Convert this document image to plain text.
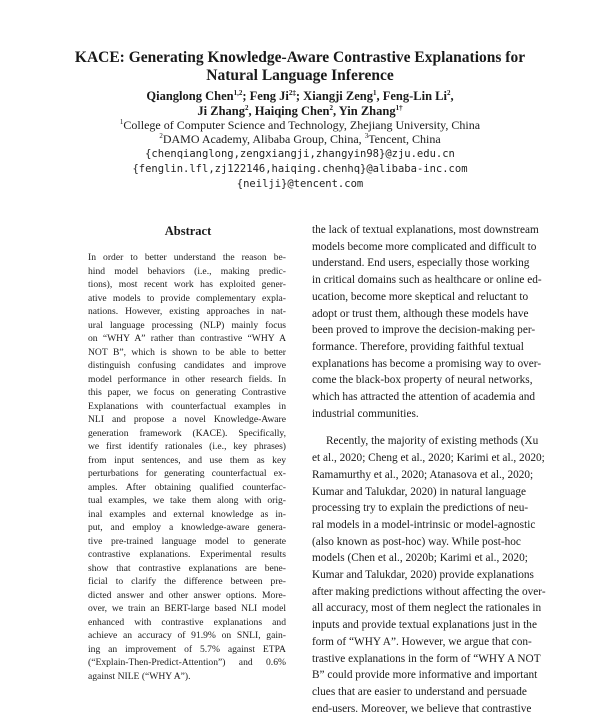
KACE: Generating Knowledge-Aware Contrastive Explanations for
Natural Language Inference
Qianglong Chen$^{1,2}$; Feng $Ji^{2\ddagger}$; Xiangji Zeng$^1$, Feng-Lin Li$^2$,
Ji Zhang$^2$, Haiqing Chen$^2$, Yin Zhang$^{1\dagger}$
$^1$College of Computer Science and Technology, Zhejiang University, China
$^2$DAMO Academy, Alibaba Group, China, $^3$Tencent, China
{chenqianglong,zengxiangji,zhangyin98}@zju.edu.cn
{fenglin.lfl,zj122146,haiqing.chenhq}@alibaba-inc.com
{neilji}@tencent.com
Abstract
In order to better understand the reason be-
hind model behaviors (i.e., making predic-
tions), most recent work has exploited gener-
ative models to provide complementary expla-
nations. However, existing approaches in nat-
ural language processing (NLP) mainly focus
on “WHY A” rather than contrastive “WHY A
NOT B”, which is shown to be able to better
distinguish confusing candidates and improve
model performance in other research fields. In
this paper, we focus on generating Contrastive
Explanations with counterfactual examples in
NLI and propose a novel Knowledge-Aware
generation framework (KACE). Specifically,
we first identify rationales (i.e., key phrases)
from input sentences, and use them as key
perturbations for generating counterfactual ex-
amples. After obtaining qualified counterfac-
tual examples, we take them along with orig-
inal examples and external knowledge as in-
put, and employ a knowledge-aware genera-
tive pre-trained language model to generate
contrastive explanations. Experimental results
show that contrastive explanations are bene-
ficial to clarify the difference between pre-
dicted answer and other answer options. More-
over, we train an BERT-large based NLI model
enhanced with contrastive explanations and
achieve an accuracy of 91.9% on SNLI, gain-
ing an improvement of 5.7% against ETPA
(“Explain-Then-Predict-Attention”) and 0.6%
against NILE (“WHY A”).
the lack of textual explanations, most downstream
models become more complicated and difficult to
understand. End users, especially those working
in critical domains such as healthcare or online ed-
ucation, become more skeptical and reluctant to
adopt or trust them, although these models have
been proved to improve the decision-making per-
formance. Therefore, providing faithful textual
explanations has become a promising way to over-
come the black-box property of neural networks,
which has attracted the attention of academia and
industrial communities.
Recently, the majority of existing methods (Xu
et al., 2020; Cheng et al., 2020; Karimi et al., 2020;
Ramamurthy et al., 2020; Atanasova et al., 2020;
Kumar and Talukdar, 2020) in natural language
processing try to explain the predictions of neu-
ral models in a model-intrinsic or model-agnostic
(also known as post-hoc) way. While post-hoc
models (Chen et al., 2020b; Karimi et al., 2020;
Kumar and Talukdar, 2020) provide explanations
after making predictions without affecting the over-
all accuracy, most of them neglect the rationales in
inputs and provide textual explanations just in the
form of “WHY A”. However, we argue that con-
trastive explanations in the form of “WHY A NOT
B” could provide more informative and important
clues that are easier to understand and persuade
end-users. Moreover, we believe that contrastive
